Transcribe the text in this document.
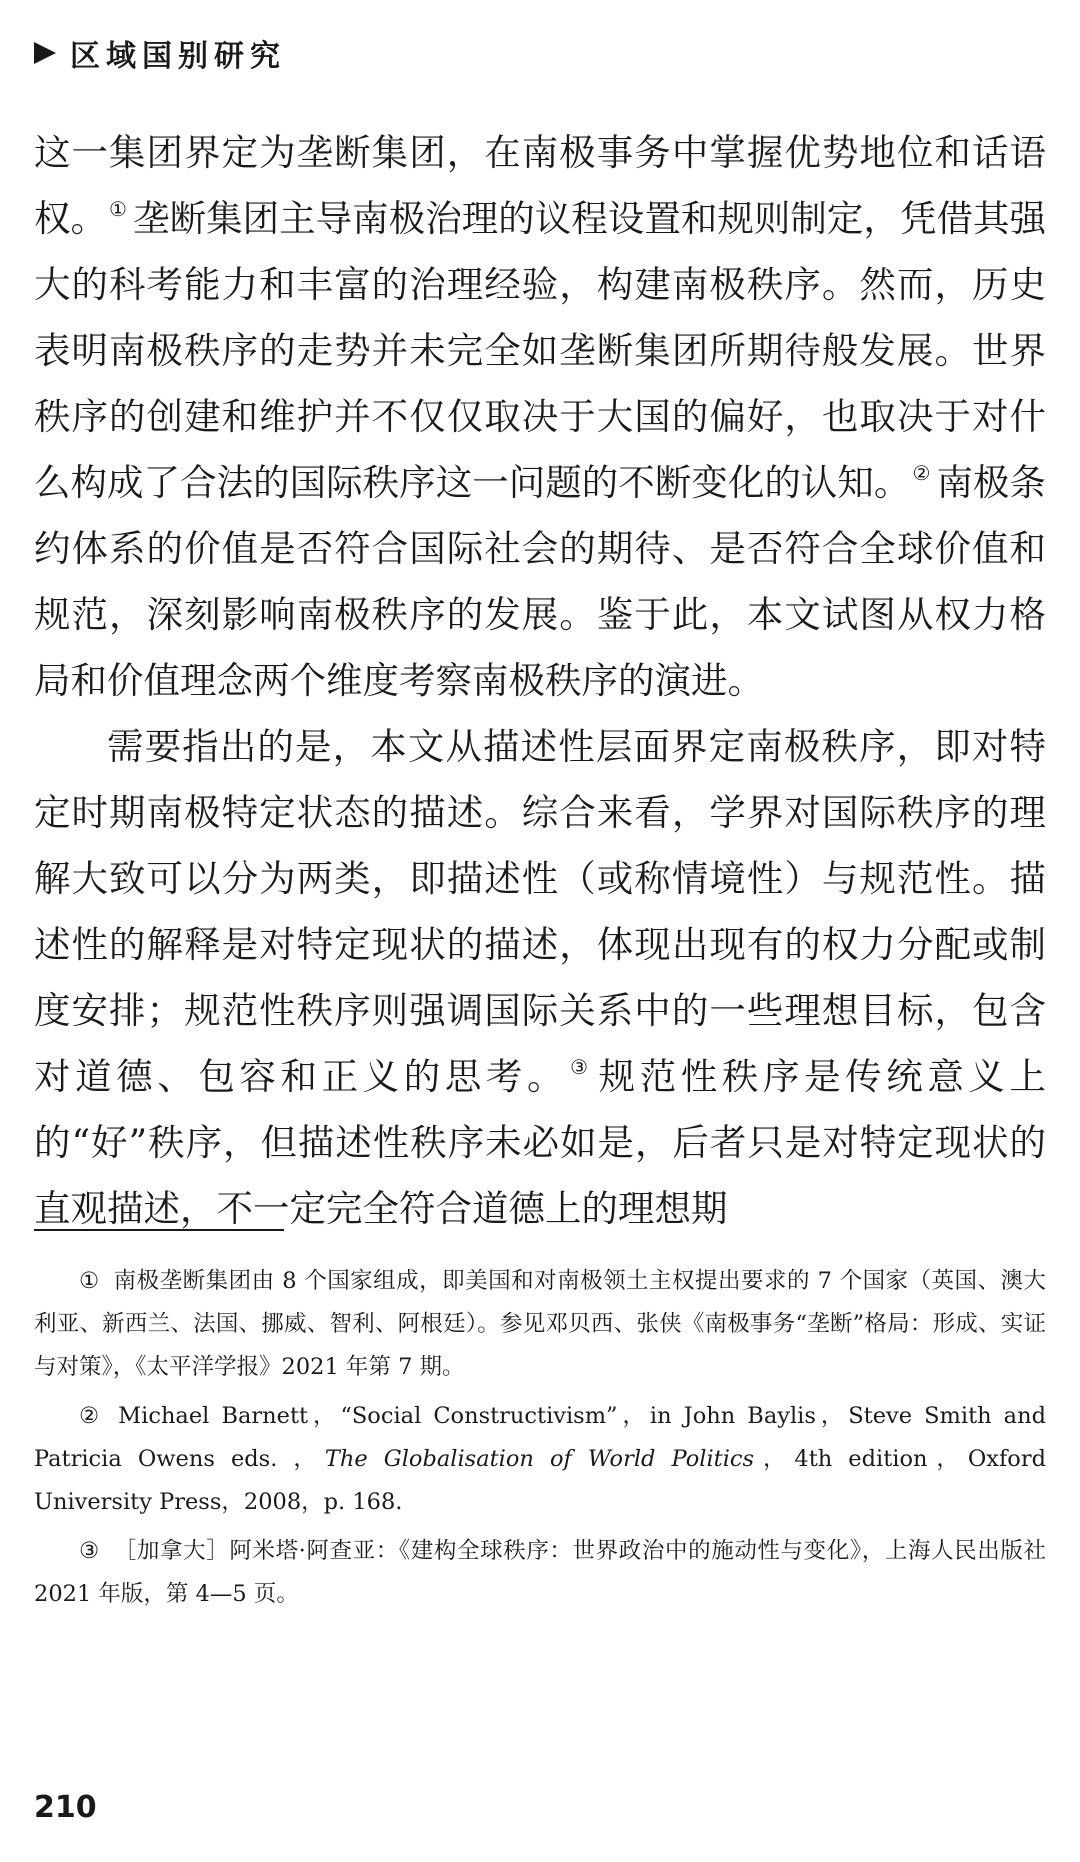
区域国别研究

这一集团界定为垄断集团，在南极事务中掌握优势地位和话语权。① 垄断集团主导南极治理的议程设置和规则制定，凭借其强大的科考能力和丰富的治理经验，构建南极秩序。然而，历史表明南极秩序的走势并未完全如垄断集团所期待般发展。世界秩序的创建和维护并不仅仅取决于大国的偏好，也取决于对什么构成了合法的国际秩序这一问题的不断变化的认知。② 南极条约体系的价值是否符合国际社会的期待、是否符合全球价值和规范，深刻影响南极秩序的发展。鉴于此，本文试图从权力格局和价值理念两个维度考察南极秩序的演进。

需要指出的是，本文从描述性层面界定南极秩序，即对特定时期南极特定状态的描述。综合来看，学界对国际秩序的理解大致可以分为两类，即描述性（或称情境性）与规范性。描述性的解释是对特定现状的描述，体现出现有的权力分配或制度安排；规范性秩序则强调国际关系中的一些理想目标，包含对道德、包容和正义的思考。③ 规范性秩序是传统意义上的“好”秩序，但描述性秩序未必如是，后者只是对特定现状的直观描述，不一定完全符合道德上的理想期

① 南极垄断集团由 8 个国家组成，即美国和对南极领土主权提出要求的 7 个国家（英国、澳大利亚、新西兰、法国、挪威、智利、阿根廷）。参见邓贝西、张侠《南极事务“垄断”格局：形成、实证与对策》，《太平洋学报》2021 年第 7 期。

② Michael Barnett，“Social Constructivism”，in John Baylis，Steve Smith and Patricia Owens eds. ，The Globalisation of World Politics，4th edition，Oxford University Press，2008，p. 168.

③ ［加拿大］阿米塔·阿查亚：《建构全球秩序：世界政治中的施动性与变化》，上海人民出版社 2021 年版，第 4—5 页。

210
